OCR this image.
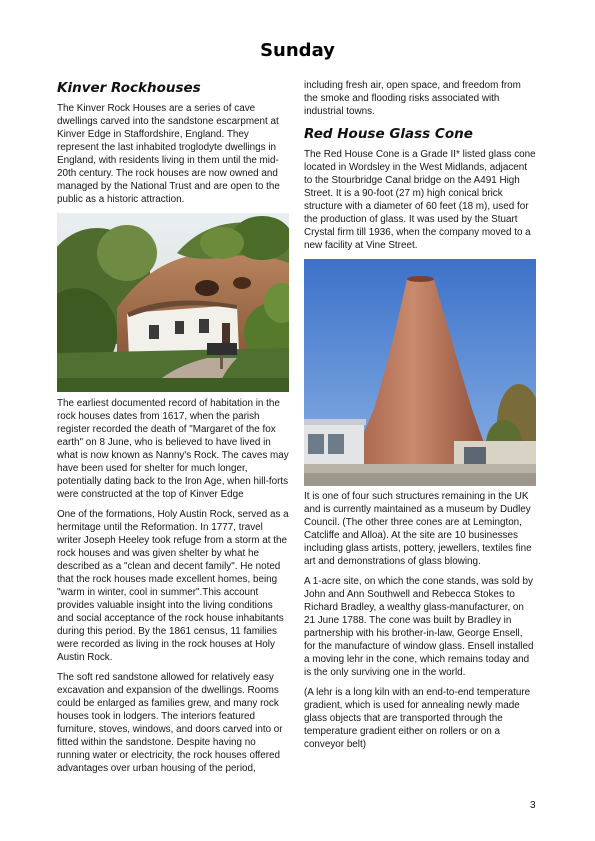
Sunday
Kinver Rockhouses

The Kinver Rock Houses are a series of cave dwellings carved into the sandstone escarpment at Kinver Edge in Staffordshire, England. They represent the last inhabited troglodyte dwellings in England, with residents living in them until the mid-20th century. The rock houses are now owned and managed by the National Trust and are open to the public as a historic attraction.

The earliest documented record of habitation in the rock houses dates from 1617, when the parish register recorded the death of "Margaret of the fox earth" on 8 June, who is believed to have lived in what is now known as Nanny's Rock. The caves may have been used for shelter for much longer, potentially dating back to the Iron Age, when hill-forts were constructed at the top of Kinver Edge

One of the formations, Holy Austin Rock, served as a hermitage until the Reformation. In 1777, travel writer Joseph Heeley took refuge from a storm at the rock houses and was given shelter by what he described as a "clean and decent family". He noted that the rock houses made excellent homes, being "warm in winter, cool in summer".This account provides valuable insight into the living conditions and social acceptance of the rock house inhabitants during this period. By the 1861 census, 11 families were recorded as living in the rock houses at Holy Austin Rock.

The soft red sandstone allowed for relatively easy excavation and expansion of the dwellings. Rooms could be enlarged as families grew, and many rock houses took in lodgers. The interiors featured furniture, stoves, windows, and doors carved into or fitted within the sandstone. Despite having no running water or electricity, the rock houses offered advantages over urban housing of the period,

including fresh air, open space, and freedom from the smoke and flooding risks associated with industrial towns.

Red House Glass Cone

The Red House Cone is a Grade II* listed glass cone located in Wordsley in the West Midlands, adjacent to the Stourbridge Canal bridge on the A491 High Street. It is a 90-foot (27 m) high conical brick structure with a diameter of 60 feet (18 m), used for the production of glass. It was used by the Stuart Crystal firm till 1936, when the company moved to a new facility at Vine Street.

It is one of four such structures remaining in the UK and is currently maintained as a museum by Dudley Council. (The other three cones are at Lemington, Catcliffe and Alloa). At the site are 10 businesses including glass artists, pottery, jewellers, textiles fine art and demonstrations of glass blowing.

A 1-acre site, on which the cone stands, was sold by John and Ann Southwell and Rebecca Stokes to Richard Bradley, a wealthy glass-manufacturer, on 21 June 1788. The cone was built by Bradley in partnership with his brother-in-law, George Ensell, for the manufacture of window glass. Ensell installed a moving lehr in the cone, which remains today and is the only surviving one in the world.

(A lehr is a long kiln with an end-to-end temperature gradient, which is used for annealing newly made glass objects that are transported through the temperature gradient either on rollers or on a conveyor belt)

3
